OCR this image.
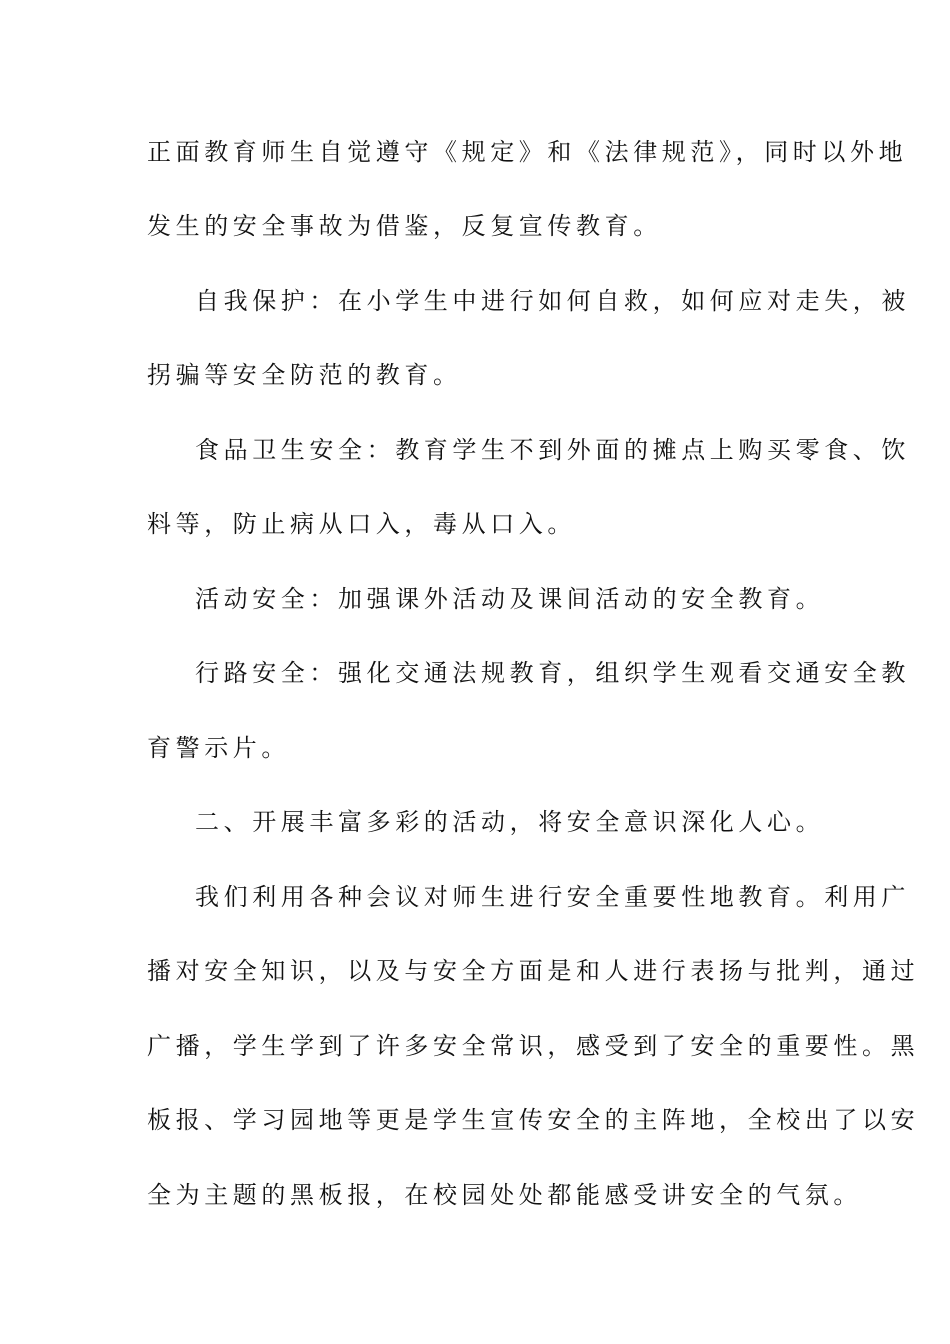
正面教育师生自觉遵守《规定》和《法律规范》，同时以外地
发生的安全事故为借鉴，反复宣传教育。
自我保护：在小学生中进行如何自救，如何应对走失，被
拐骗等安全防范的教育。
食品卫生安全：教育学生不到外面的摊点上购买零食、饮
料等，防止病从口入，毒从口入。
活动安全：加强课外活动及课间活动的安全教育。
行路安全：强化交通法规教育，组织学生观看交通安全教
育警示片。
二、开展丰富多彩的活动，将安全意识深化人心。
我们利用各种会议对师生进行安全重要性地教育。利用广
播对安全知识，以及与安全方面是和人进行表扬与批判，通过
广播，学生学到了许多安全常识，感受到了安全的重要性。黑
板报、学习园地等更是学生宣传安全的主阵地，全校出了以安
全为主题的黑板报，在校园处处都能感受讲安全的气氛。
